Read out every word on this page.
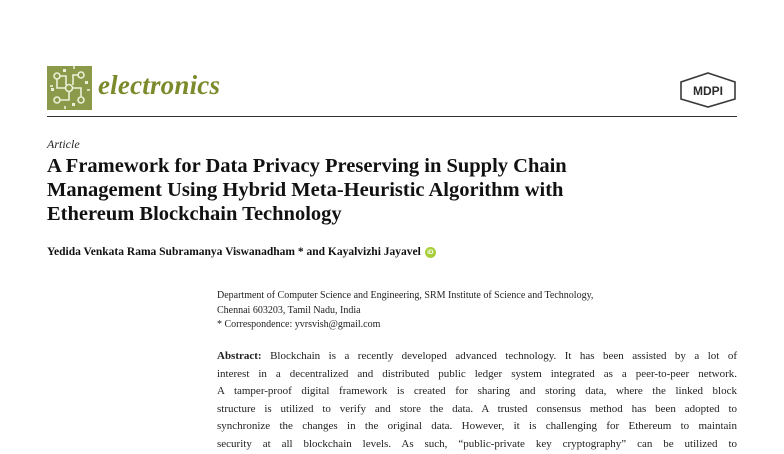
electronics	MDPI
Article
A Framework for Data Privacy Preserving in Supply Chain
Management Using Hybrid Meta-Heuristic Algorithm with
Ethereum Blockchain Technology
Yedida Venkata Rama Subramanya Viswanadham * and Kayalvizhi Jayavel iD
Department of Computer Science and Engineering, SRM Institute of Science and Technology,
Chennai 603203, Tamil Nadu, India
* Correspondence: yvrsvish@gmail.com
Abstract: Blockchain is a recently developed advanced technology. It has been assisted by a lot of
interest in a decentralized and distributed public ledger system integrated as a peer-to-peer network.
A tamper-proof digital framework is created for sharing and storing data, where the linked block
structure is utilized to verify and store the data. A trusted consensus method has been adopted to
synchronize the changes in the original data. However, it is challenging for Ethereum to maintain
security at all blockchain levels. As such, “public-private key cryptography” can be utilized to
